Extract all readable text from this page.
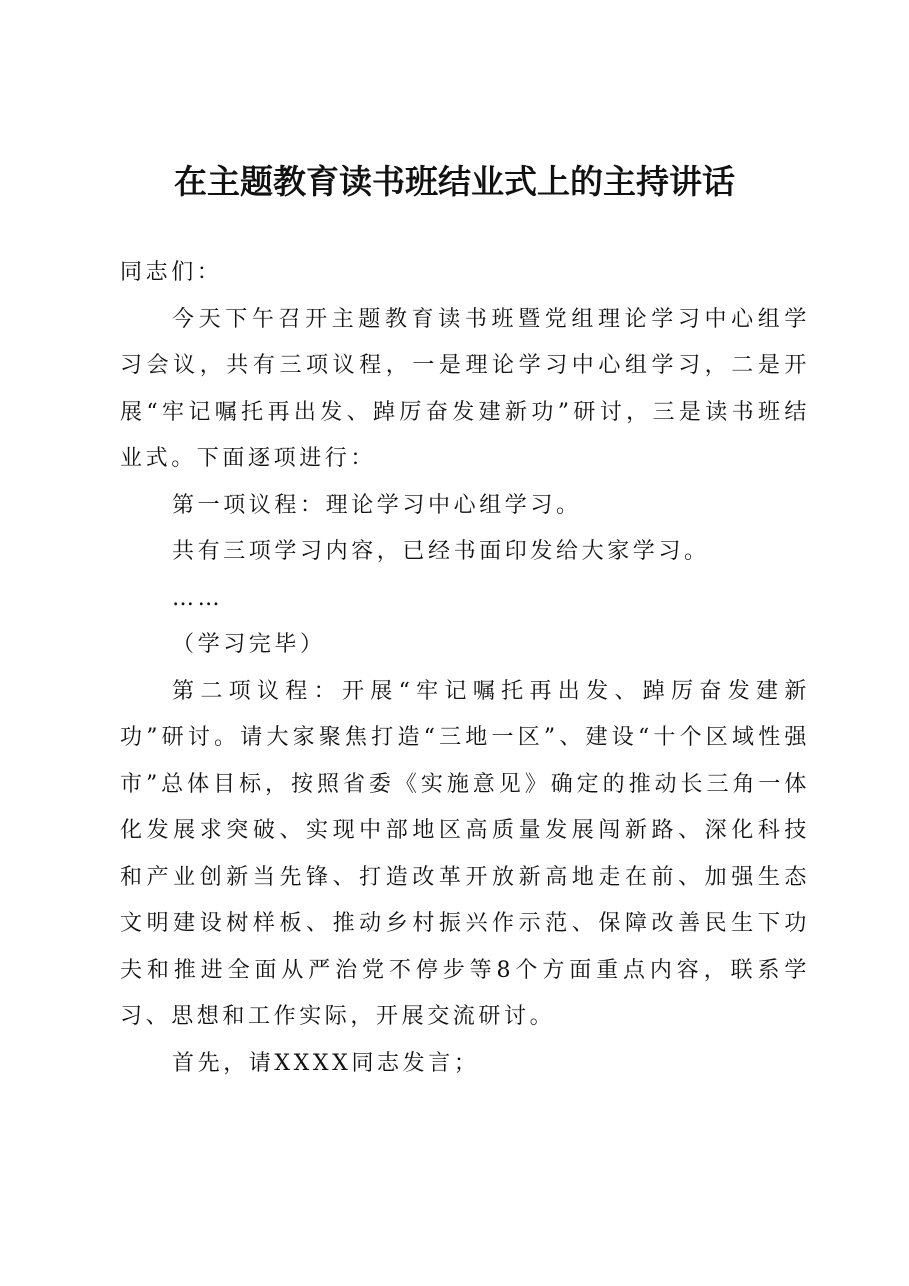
在主题教育读书班结业式上的主持讲话

同志们：

今天下午召开主题教育读书班暨党组理论学习中心组学习会议，共有三项议程，一是理论学习中心组学习，二是开展“牢记嘱托再出发、踔厉奋发建新功”研讨，三是读书班结业式。下面逐项进行：

第一项议程：理论学习中心组学习。

共有三项学习内容，已经书面印发给大家学习。

……

（学习完毕）

第二项议程：开展“牢记嘱托再出发、踔厉奋发建新功”研讨。请大家聚焦打造“三地一区”、建设“十个区域性强市”总体目标，按照省委《实施意见》确定的推动长三角一体化发展求突破、实现中部地区高质量发展闯新路、深化科技和产业创新当先锋、打造改革开放新高地走在前、加强生态文明建设树样板、推动乡村振兴作示范、保障改善民生下功夫和推进全面从严治党不停步等8个方面重点内容，联系学习、思想和工作实际，开展交流研讨。

首先，请XXXX同志发言；
